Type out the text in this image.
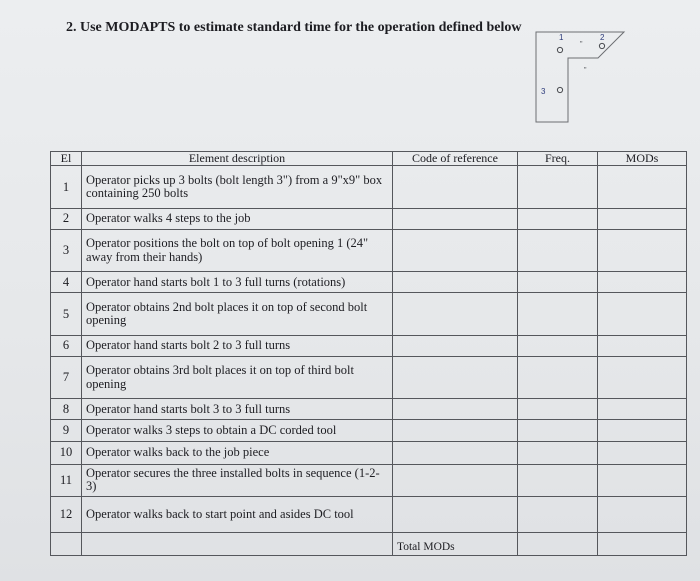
2. Use MODAPTS to estimate standard time for the operation defined below
1	2
3
"
"
El	Element description	Code of reference	Freq.	MODs
1	Operator picks up 3 bolts (bolt length 3") from a 9"x9" box containing 250 bolts			
2	Operator walks 4 steps to the job			
3	Operator positions the bolt on top of bolt opening 1 (24" away from their hands)			
4	Operator hand starts bolt 1 to 3 full turns (rotations)			
5	Operator obtains 2nd bolt places it on top of second bolt opening			
6	Operator hand starts bolt 2 to 3 full turns			
7	Operator obtains 3rd bolt places it on top of third bolt opening			
8	Operator hand starts bolt 3 to 3 full turns			
9	Operator walks 3 steps to obtain a DC corded tool			
10	Operator walks back to the job piece			
11	Operator secures the three installed bolts in sequence (1-2-3)			
12	Operator walks back to start point and asides DC tool			
		Total MODs		
